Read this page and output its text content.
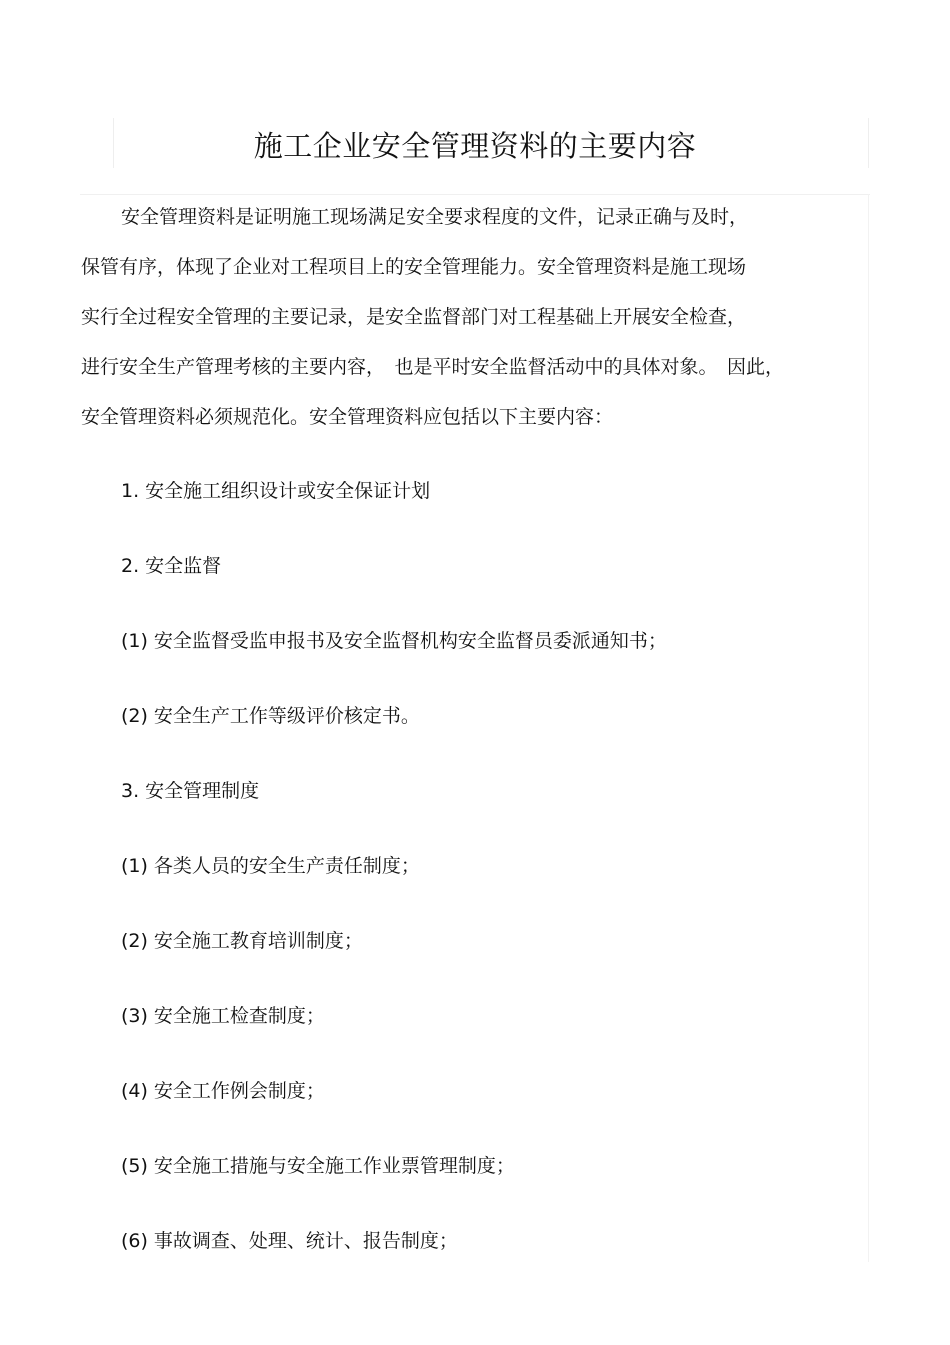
施工企业安全管理资料的主要内容
安全管理资料是证明施工现场满足安全要求程度的文件，记录正确与及时，
保管有序，体现了企业对工程项目上的安全管理能力。安全管理资料是施工现场
实行全过程安全管理的主要记录，是安全监督部门对工程基础上开展安全检查，
进行安全生产管理考核的主要内容，　也是平时安全监督活动中的具体对象。　因此，
安全管理资料必须规范化。安全管理资料应包括以下主要内容：
1. 安全施工组织设计或安全保证计划
2. 安全监督
(1) 安全监督受监申报书及安全监督机构安全监督员委派通知书；
(2) 安全生产工作等级评价核定书。
3. 安全管理制度
(1) 各类人员的安全生产责任制度；
(2) 安全施工教育培训制度；
(3) 安全施工检查制度；
(4) 安全工作例会制度；
(5) 安全施工措施与安全施工作业票管理制度；
(6) 事故调查、处理、统计、报告制度；
